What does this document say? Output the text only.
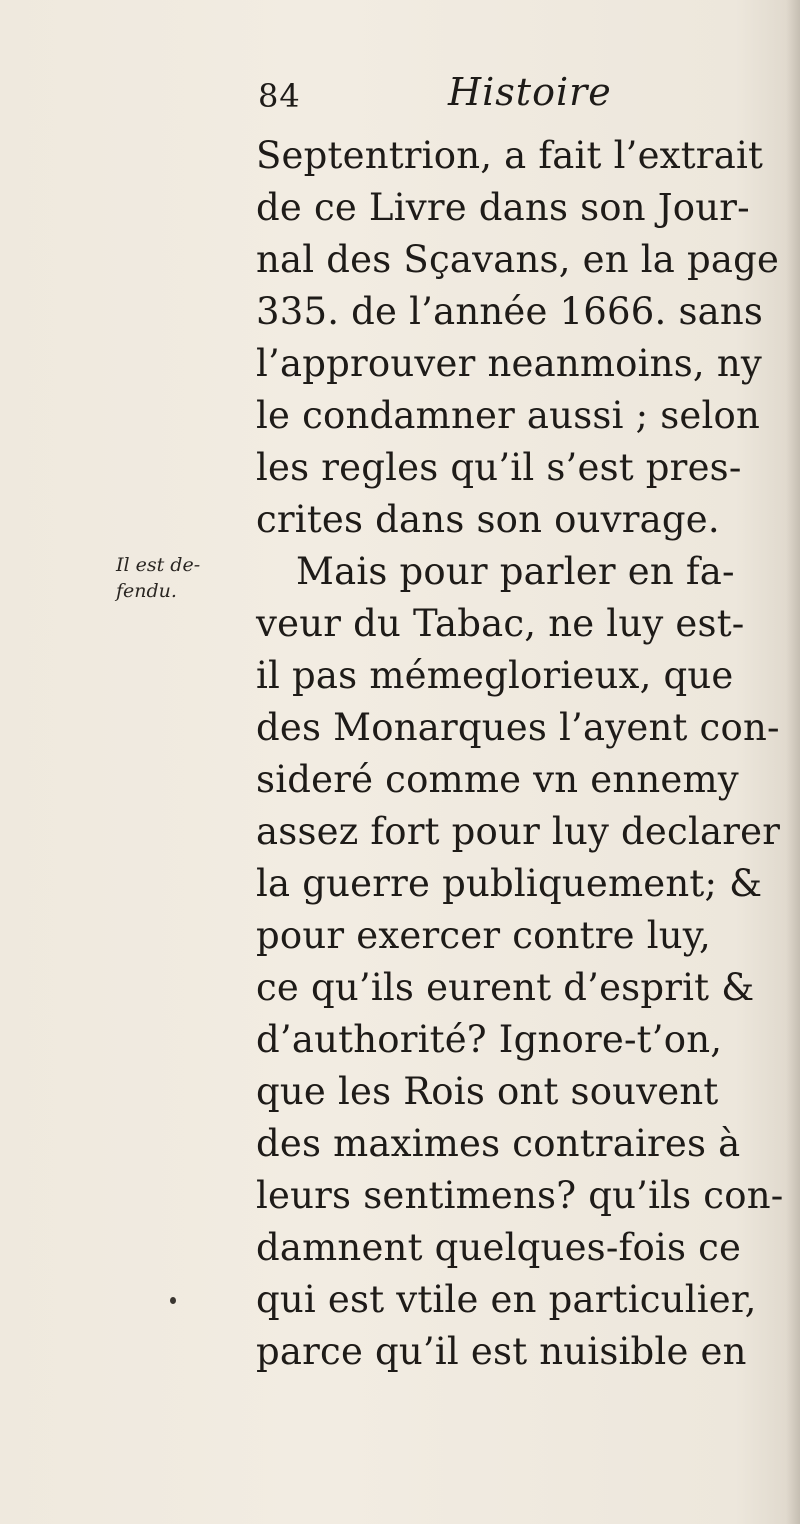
84	Histoire
Il est de-
fendu.
Septentrion, a fait l’extrait
de ce Livre dans son Jour-
nal des Sçavans, en la page
335. de l’année 1666. sans
l’approuver neanmoins, ny
le condamner aussi ; selon
les regles qu’il s’est pres-
crites dans son ouvrage.
Mais pour parler en fa-
veur du Tabac, ne luy est-
il pas mémeglorieux, que
des Monarques l’ayent con-
sideré comme vn ennemy
assez fort pour luy declarer
la guerre publiquement; &
pour exercer contre luy,
ce qu’ils eurent d’esprit &
d’authorité? Ignore-t’on,
que les Rois ont souvent
des maximes contraires à
leurs sentimens? qu’ils con-
damnent quelques-fois ce
qui est vtile en particulier,
parce qu’il est nuisible en
